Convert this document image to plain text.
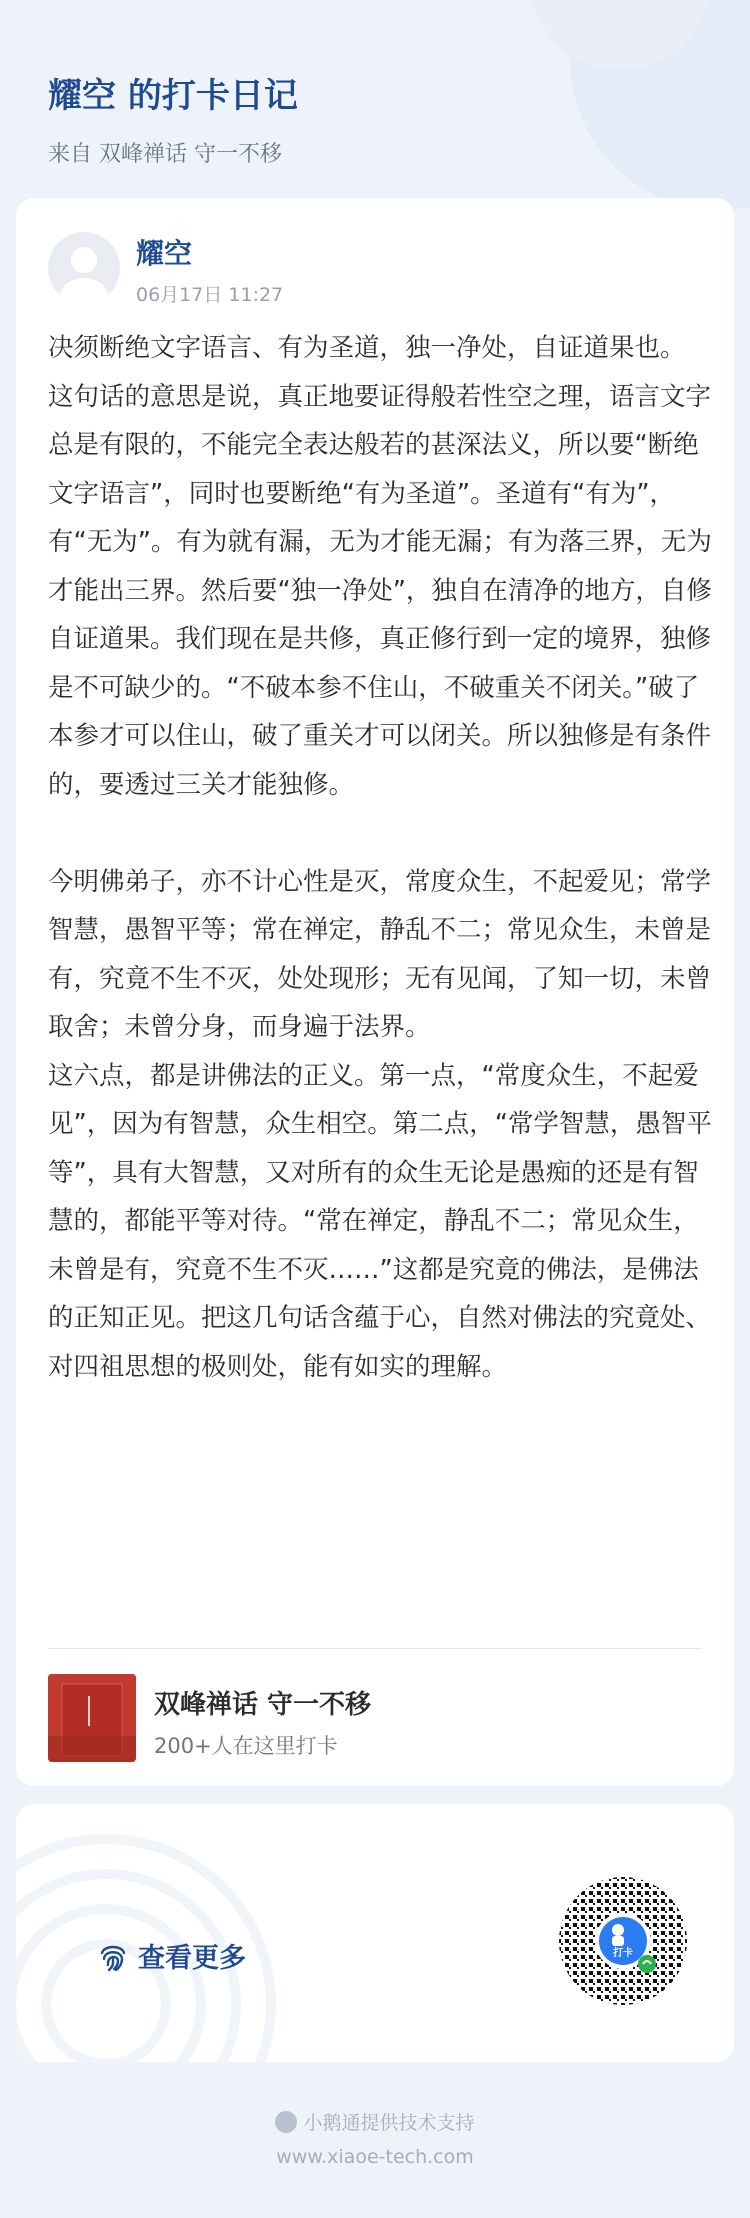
耀空 的打卡日记
来自 双峰禅话 守一不移
耀空
06月17日 11:27

决须断绝文字语言、有为圣道，独一净处，自证道果也。

这句话的意思是说，真正地要证得般若性空之理，语言文字总是有限的，不能完全表达般若的甚深法义，所以要“断绝文字语言”，同时也要断绝“有为圣道”。圣道有“有为”，有“无为”。有为就有漏，无为才能无漏；有为落三界，无为才能出三界。然后要“独一净处”，独自在清净的地方，自修自证道果。我们现在是共修，真正修行到一定的境界，独修是不可缺少的。“不破本参不住山，不破重关不闭关。”破了本参才可以住山，破了重关才可以闭关。所以独修是有条件的，要透过三关才能独修。

今明佛弟子，亦不计心性是灭，常度众生，不起爱见；常学智慧，愚智平等；常在禅定，静乱不二；常见众生，未曾是有，究竟不生不灭，处处现形；无有见闻，了知一切，未曾取舍；未曾分身，而身遍于法界。

这六点，都是讲佛法的正义。第一点，“常度众生，不起爱见”，因为有智慧，众生相空。第二点，“常学智慧，愚智平等”，具有大智慧，又对所有的众生无论是愚痴的还是有智慧的，都能平等对待。“常在禅定，静乱不二；常见众生，未曾是有，究竟不生不灭……”这都是究竟的佛法，是佛法的正知正见。把这几句话含蕴于心，自然对佛法的究竟处、对四祖思想的极则处，能有如实的理解。

双峰禅话 守一不移
200+人在这里打卡
查看更多	打卡
小鹅通提供技术支持
www.xiaoe-tech.com
